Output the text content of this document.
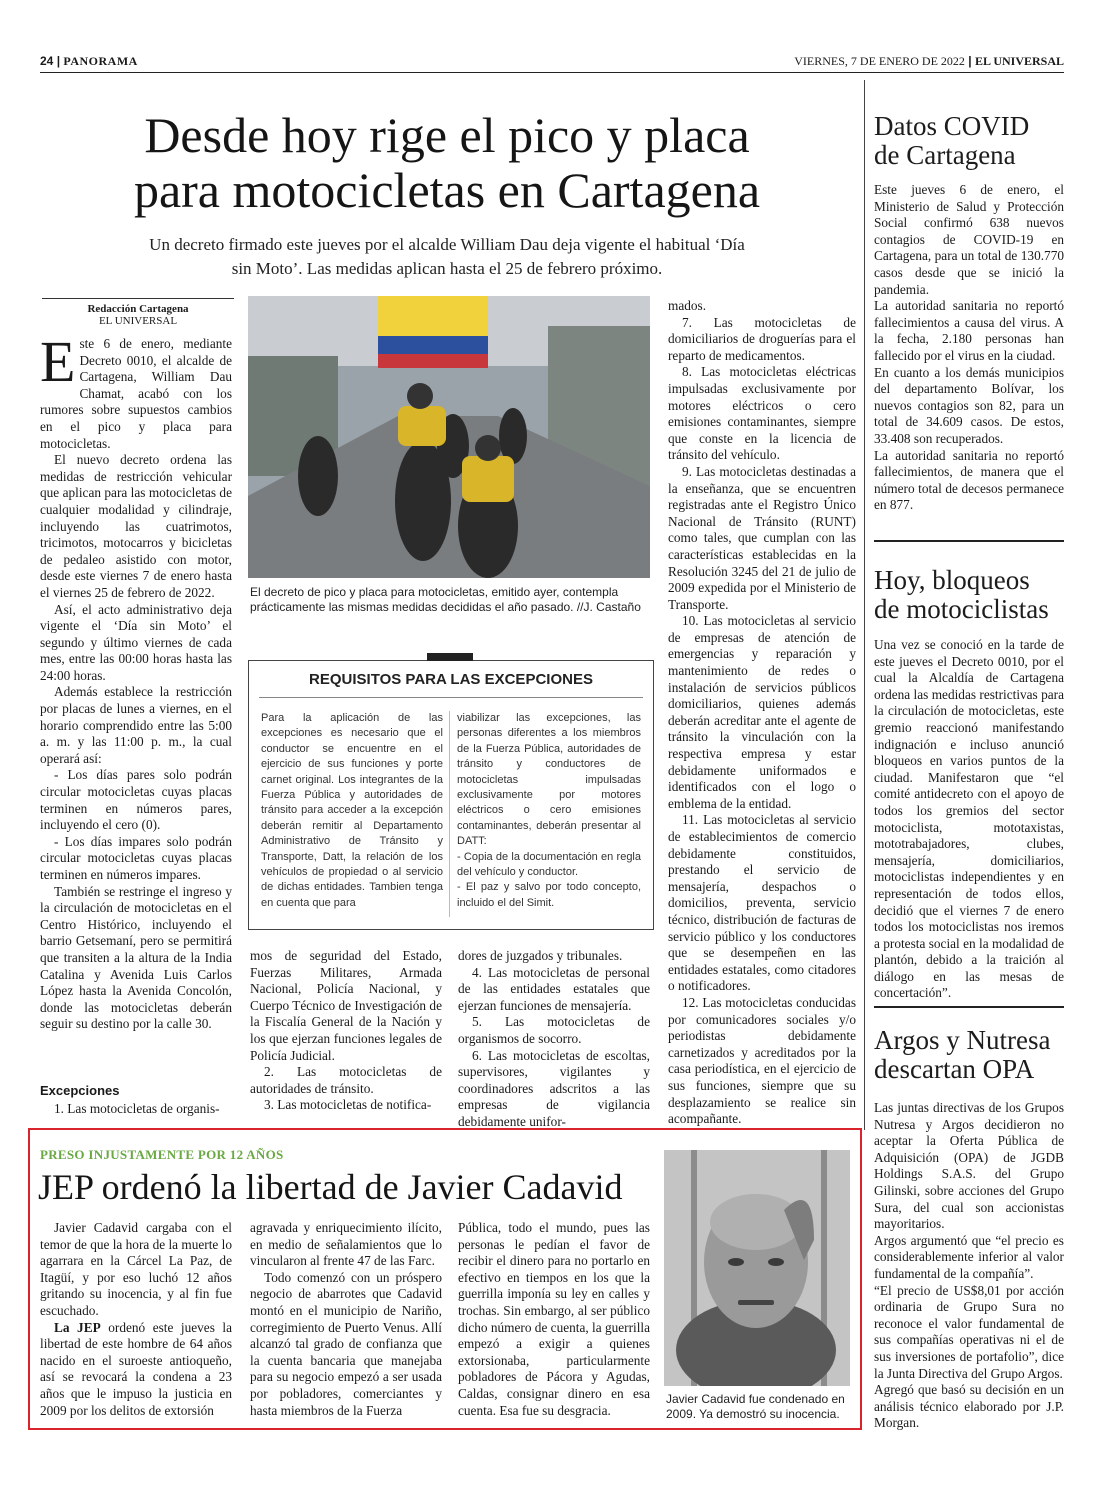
24 | PANORAMA	VIERNES, 7 DE ENERO DE 2022 | EL UNIVERSAL
Desde hoy rige el pico y placa
para motocicletas en Cartagena
Un decreto firmado este jueves por el alcalde William Dau deja vigente el habitual ‘Día
sin Moto’. Las medidas aplican hasta el 25 de febrero próximo.
Redacción Cartagena
EL UNIVERSAL

Este 6 de enero, mediante Decreto 0010, el alcalde de Cartagena, William Dau Chamat, acabó con los rumores sobre supuestos cambios en el pico y placa para motocicletas.

El nuevo decreto ordena las medidas de restricción vehicular que aplican para las motocicletas de cualquier modalidad y cilindraje, incluyendo las cuatrimotos, tricimotos, motocarros y bicicletas de pedaleo asistido con motor, desde este viernes 7 de enero hasta el viernes 25 de febrero de 2022.

Así, el acto administrativo deja vigente el ‘Día sin Moto’ el segundo y último viernes de cada mes, entre las 00:00 horas hasta las 24:00 horas.

Además establece la restricción por placas de lunes a viernes, en el horario comprendido entre las 5:00 a. m. y las 11:00 p. m., la cual operará así:

- Los días pares solo podrán circular motocicletas cuyas placas terminen en números pares, incluyendo el cero (0).

- Los días impares solo podrán circular motocicletas cuyas placas terminen en números impares.

También se restringe el ingreso y la circulación de motocicletas en el Centro Histórico, incluyendo el barrio Getsemaní, pero se permitirá que transiten a la altura de la India Catalina y Avenida Luis Carlos López hasta la Avenida Concolón, donde las motocicletas deberán seguir su destino por la calle 30.

Excepciones

1. Las motocicletas de organis-

El decreto de pico y placa para motocicletas, emitido ayer, contempla prácticamente las mismas medidas decididas el año pasado. //J. Castaño
REQUISITOS PARA LAS EXCEPCIONES
Para la aplicación de las excepciones es necesario que el conductor se encuentre en el ejercicio de sus funciones y porte carnet original. Los integrantes de la Fuerza Pública y autoridades de tránsito para acceder a la excepción deberán remitir al Departamento Administrativo de Tránsito y Transporte, Datt, la relación de los vehículos de propiedad o al servicio de dichas entidades. Tambien tenga en cuenta que para
viabilizar las excepciones, las personas diferentes a los miembros de la Fuerza Pública, autoridades de tránsito y conductores de motocicletas impulsadas exclusivamente por motores eléctricos o cero emisiones contaminantes, deberán presentar al DATT:
- Copia de la documentación en regla del vehículo y conductor.
- El paz y salvo por todo concepto, incluido el del Simit.

mos de seguridad del Estado, Fuerzas Militares, Armada Nacional, Policía Nacional, y Cuerpo Técnico de Investigación de la Fiscalía General de la Nación y los que ejerzan funciones legales de Policía Judicial.

2. Las motocicletas de autoridades de tránsito.

3. Las motocicletas de notifica-

dores de juzgados y tribunales.

4. Las motocicletas de personal de las entidades estatales que ejerzan funciones de mensajería.

5. Las motocicletas de organismos de socorro.

6. Las motocicletas de escoltas, supervisores, vigilantes y coordinadores adscritos a las empresas de vigilancia debidamente unifor-

mados.

7. Las motocicletas de domiciliarios de droguerías para el reparto de medicamentos.

8. Las motocicletas eléctricas impulsadas exclusivamente por motores eléctricos o cero emisiones contaminantes, siempre que conste en la licencia de tránsito del vehículo.

9. Las motocicletas destinadas a la enseñanza, que se encuentren registradas ante el Registro Único Nacional de Tránsito (RUNT) como tales, que cumplan con las características establecidas en la Resolución 3245 del 21 de julio de 2009 expedida por el Ministerio de Transporte.

10. Las motocicletas al servicio de empresas de atención de emergencias y reparación y mantenimiento de redes o instalación de servicios públicos domiciliarios, quienes además deberán acreditar ante el agente de tránsito la vinculación con la respectiva empresa y estar debidamente uniformados e identificados con el logo o emblema de la entidad.

11. Las motocicletas al servicio de establecimientos de comercio debidamente constituidos, prestando el servicio de mensajería, despachos o domicilios, preventa, servicio técnico, distribución de facturas de servicio público y los conductores que se desempeñen en las entidades estatales, como citadores o notificadores.

12. Las motocicletas conducidas por comunicadores sociales y/o periodistas debidamente carnetizados y acreditados por la casa periodística, en el ejercicio de sus funciones, siempre que su desplazamiento se realice sin acompañante.

Datos COVID
de Cartagena

Este jueves 6 de enero, el Ministerio de Salud y Protección Social confirmó 638 nuevos contagios de COVID-19 en Cartagena, para un total de 130.770 casos desde que se inició la pandemia.

La autoridad sanitaria no reportó fallecimientos a causa del virus. A la fecha, 2.180 personas han fallecido por el virus en la ciudad.

En cuanto a los demás municipios del departamento Bolívar, los nuevos contagios son 82, para un total de 34.609 casos. De estos, 33.408 son recuperados.

La autoridad sanitaria no reportó fallecimientos, de manera que el número total de decesos permanece en 877.

Hoy, bloqueos
de motociclistas

Una vez se conoció en la tarde de este jueves el Decreto 0010, por el cual la Alcaldía de Cartagena ordena las medidas restrictivas para la circulación de motocicletas, este gremio reaccionó manifestando indignación e incluso anunció bloqueos en varios puntos de la ciudad. Manifestaron que “el comité antidecreto con el apoyo de todos los gremios del sector motociclista, mototaxistas, mototrabajadores, clubes, mensajería, domiciliarios, motociclistas independientes y en representación de todos ellos, decidió que el viernes 7 de enero todos los motociclistas nos iremos a protesta social en la modalidad de plantón, debido a la traición al diálogo en las mesas de concertación”.

Argos y Nutresa
descartan OPA

Las juntas directivas de los Grupos Nutresa y Argos decidieron no aceptar la Oferta Pública de Adquisición (OPA) de JGDB Holdings S.A.S. del Grupo Gilinski, sobre acciones del Grupo Sura, del cual son accionistas mayoritarios.

Argos argumentó que “el precio es considerablemente inferior al valor fundamental de la compañía”.

“El precio de US$8,01 por acción ordinaria de Grupo Sura no reconoce el valor fundamental de sus compañías operativas ni el de sus inversiones de portafolio”, dice la Junta Directiva del Grupo Argos.

Agregó que basó su decisión en un análisis técnico elaborado por J.P. Morgan.

PRESO INJUSTAMENTE POR 12 AÑOS
JEP ordenó la libertad de Javier Cadavid

Javier Cadavid cargaba con el temor de que la hora de la muerte lo agarrara en la Cárcel La Paz, de Itagüí, y por eso luchó 12 años gritando su inocencia, y al fin fue escuchado.

La JEP ordenó este jueves la libertad de este hombre de 64 años nacido en el suroeste antioqueño, así se revocará la condena a 23 años que le impuso la justicia en 2009 por los delitos de extorsión

agravada y enriquecimiento ilícito, en medio de señalamientos que lo vincularon al frente 47 de las Farc.

Todo comenzó con un próspero negocio de abarrotes que Cadavid montó en el municipio de Nariño, corregimiento de Puerto Venus. Allí alcanzó tal grado de confianza que la cuenta bancaria que manejaba para su negocio empezó a ser usada por pobladores, comerciantes y hasta miembros de la Fuerza

Pública, todo el mundo, pues las personas le pedían el favor de recibir el dinero para no portarlo en efectivo en tiempos en los que la guerrilla imponía su ley en calles y trochas. Sin embargo, al ser público dicho número de cuenta, la guerrilla empezó a exigir a quienes extorsionaba, particularmente pobladores de Pácora y Agudas, Caldas, consignar dinero en esa cuenta. Esa fue su desgracia.

Javier Cadavid fue condenado en 2009. Ya demostró su inocencia.
